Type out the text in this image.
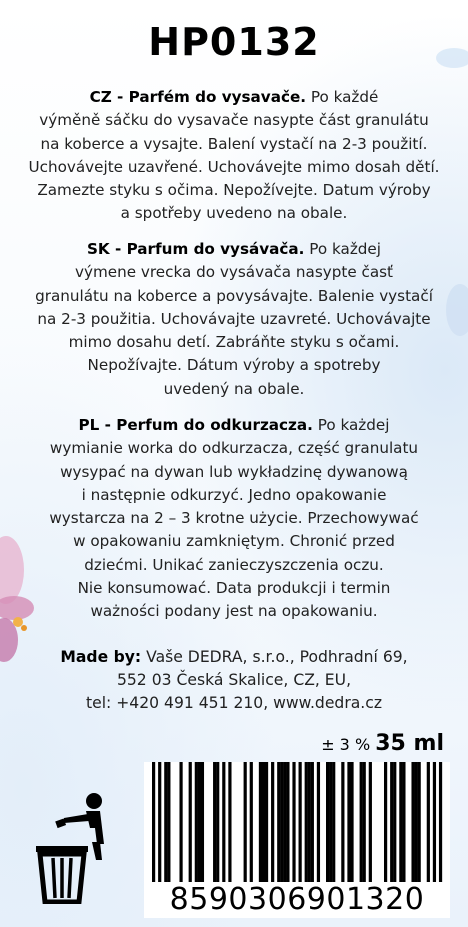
HP0132
CZ - Parfém do vysavače. Po každé
výměně sáčku do vysavače nasypte část granulátu
na koberce a vysajte. Balení vystačí na 2-3 použití.
Uchovávejte uzavřené. Uchovávejte mimo dosah dětí.
Zamezte styku s očima. Nepožívejte. Datum výroby
a spotřeby uvedeno na obale.
SK - Parfum do vysávača. Po každej
výmene vrecka do vysávača nasypte časť
granulátu na koberce a povysávajte. Balenie vystačí
na 2-3 použitia. Uchovávajte uzavreté. Uchovávajte
mimo dosahu detí. Zabráňte styku s očami.
Nepožívajte. Dátum výroby a spotreby
uvedený na obale.
PL - Perfum do odkurzacza. Po każdej
wymianie worka do odkurzacza, część granulatu
wysypać na dywan lub wykładzinę dywanową
i następnie odkurzyć. Jedno opakowanie
wystarcza na 2 – 3 krotne użycie. Przechowywać
w opakowaniu zamkniętym. Chronić przed
dziećmi. Unikać zanieczyszczenia oczu.
Nie konsumować. Data produkcji i termin
ważności podany jest na opakowaniu.
Made by: Vaše DEDRA, s.r.o., Podhradní 69,
552 03 Česká Skalice, CZ, EU,
tel: +420 491 451 210, www.dedra.cz
± 3 % 35 ml
8590306901320
